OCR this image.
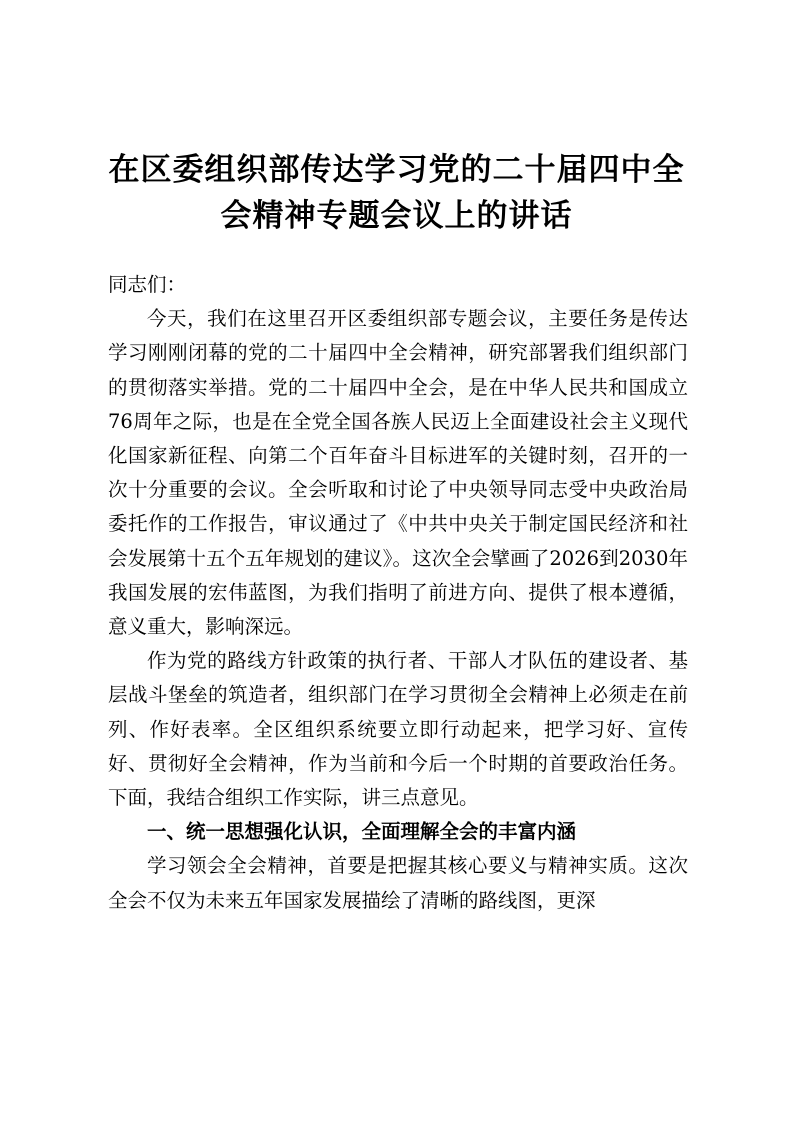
在区委组织部传达学习党的二十届四中全
会精神专题会议上的讲话

同志们：

今天，我们在这里召开区委组织部专题会议，主要任务是传达学习刚刚闭幕的党的二十届四中全会精神，研究部署我们组织部门的贯彻落实举措。党的二十届四中全会，是在中华人民共和国成立76周年之际，也是在全党全国各族人民迈上全面建设社会主义现代化国家新征程、向第二个百年奋斗目标进军的关键时刻，召开的一次十分重要的会议。全会听取和讨论了中央领导同志受中央政治局委托作的工作报告，审议通过了《中共中央关于制定国民经济和社会发展第十五个五年规划的建议》。这次全会擘画了2026到2030年我国发展的宏伟蓝图，为我们指明了前进方向、提供了根本遵循，意义重大，影响深远。

作为党的路线方针政策的执行者、干部人才队伍的建设者、基层战斗堡垒的筑造者，组织部门在学习贯彻全会精神上必须走在前列、作好表率。全区组织系统要立即行动起来，把学习好、宣传好、贯彻好全会精神，作为当前和今后一个时期的首要政治任务。下面，我结合组织工作实际，讲三点意见。

一、统一思想强化认识，全面理解全会的丰富内涵

学习领会全会精神，首要是把握其核心要义与精神实质。这次全会不仅为未来五年国家发展描绘了清晰的路线图，更深
